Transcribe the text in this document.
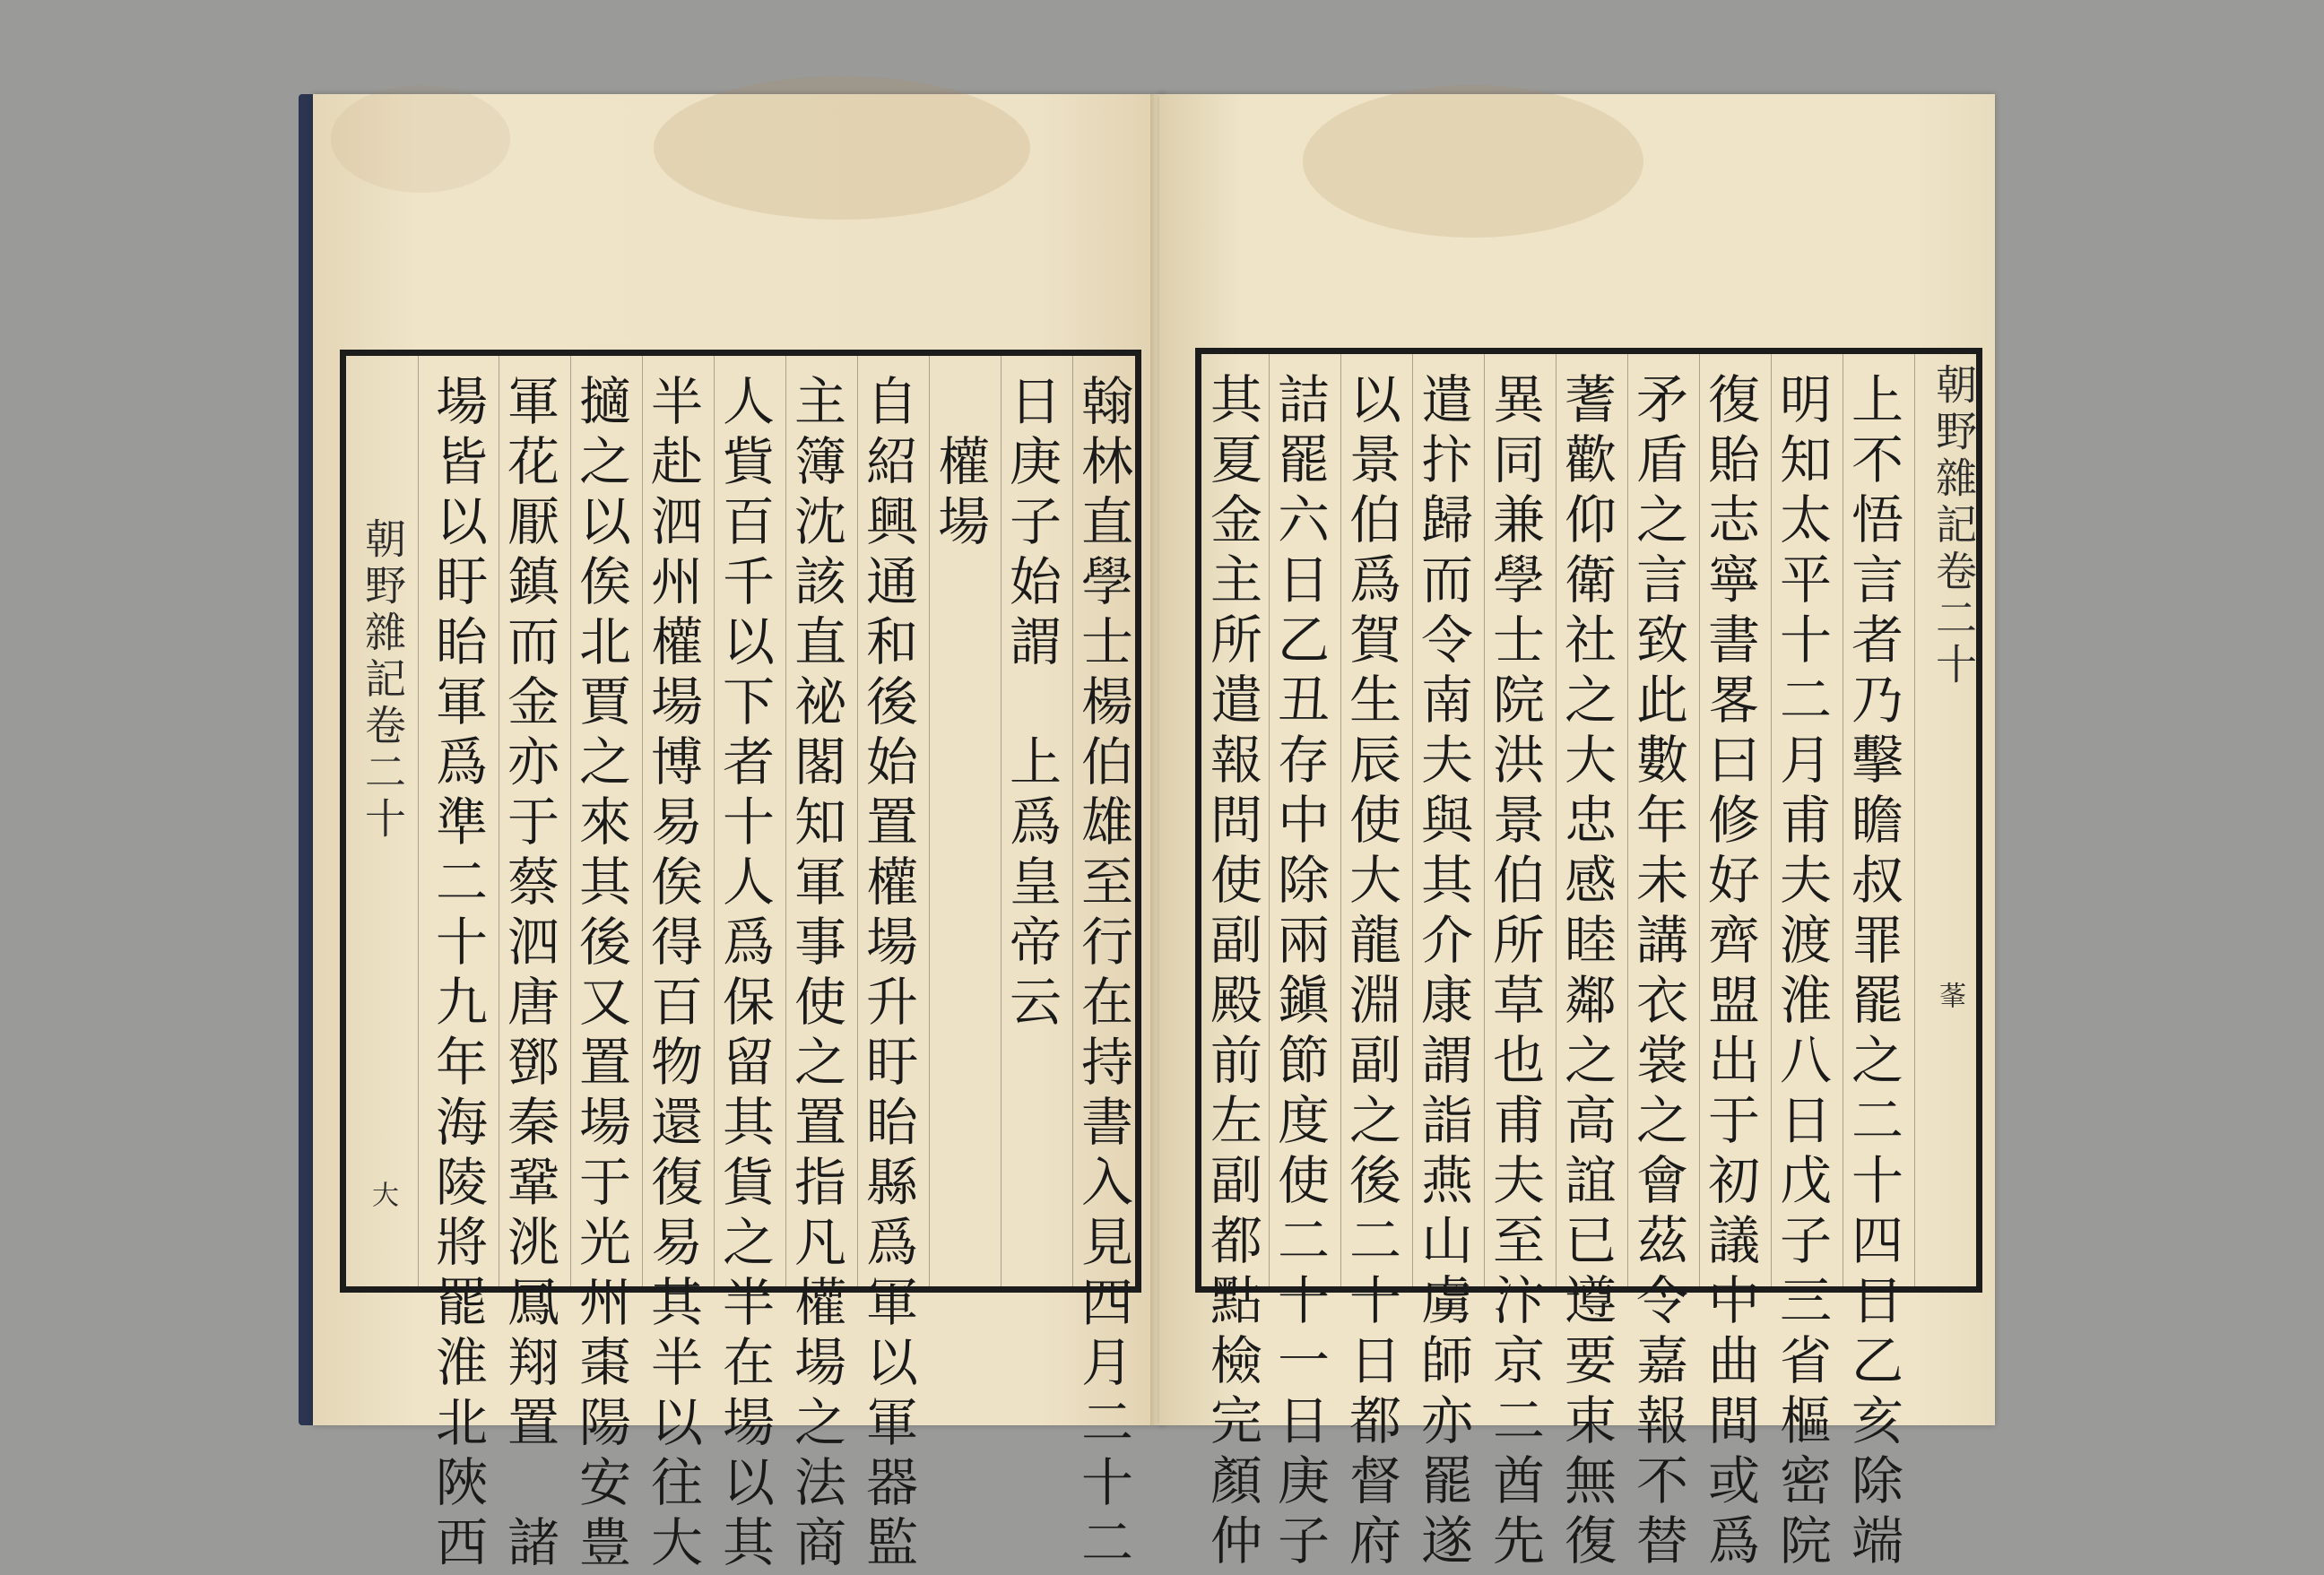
翰林直學士楊伯雄至行在持書入見四月二十二
日庚子始謂　上爲皇帝云
　權場
自紹興通和後始置權場升盱眙縣爲軍以軍器監
主簿沈該直祕閣知軍事使之置指凡權場之法商
人貲百千以下者十人爲保留其貨之半在場以其
半赴泗州權場博易俟得百物還復易其半以往大
擿之以俟北賈之來其後又置場于光州棗陽安豊
軍花厭鎮而金亦于蔡泗唐鄧秦鞏洮鳳翔置　諸
場皆以盱眙軍爲準二十九年海陵將罷淮北陜西
朝野雜記卷二十
大
朝野雜記卷二十
莑
上不悟言者乃擊瞻叔罪罷之二十四日乙亥除端
明知太平十二月甫夫渡淮八日戊子三省樞密院
復貽志寧書畧曰修好齊盟出于初議中曲間或爲
矛盾之言致此數年未講衣裳之會茲令嘉報不替
蓍歡仰衛社之大忠感睦鄰之高誼已遵要束無復
異同兼學士院洪景伯所草也甫夫至汴京二酋先
遣抃歸而令南夫與其介康謂詣燕山虜師亦罷遂
以景伯爲賀生辰使大龍淵副之後二十日都督府
詰罷六日乙丑存中除兩鎭節度使二十一日庚子
其夏金主所遣報問使副殿前左副都點檢完顏仲
